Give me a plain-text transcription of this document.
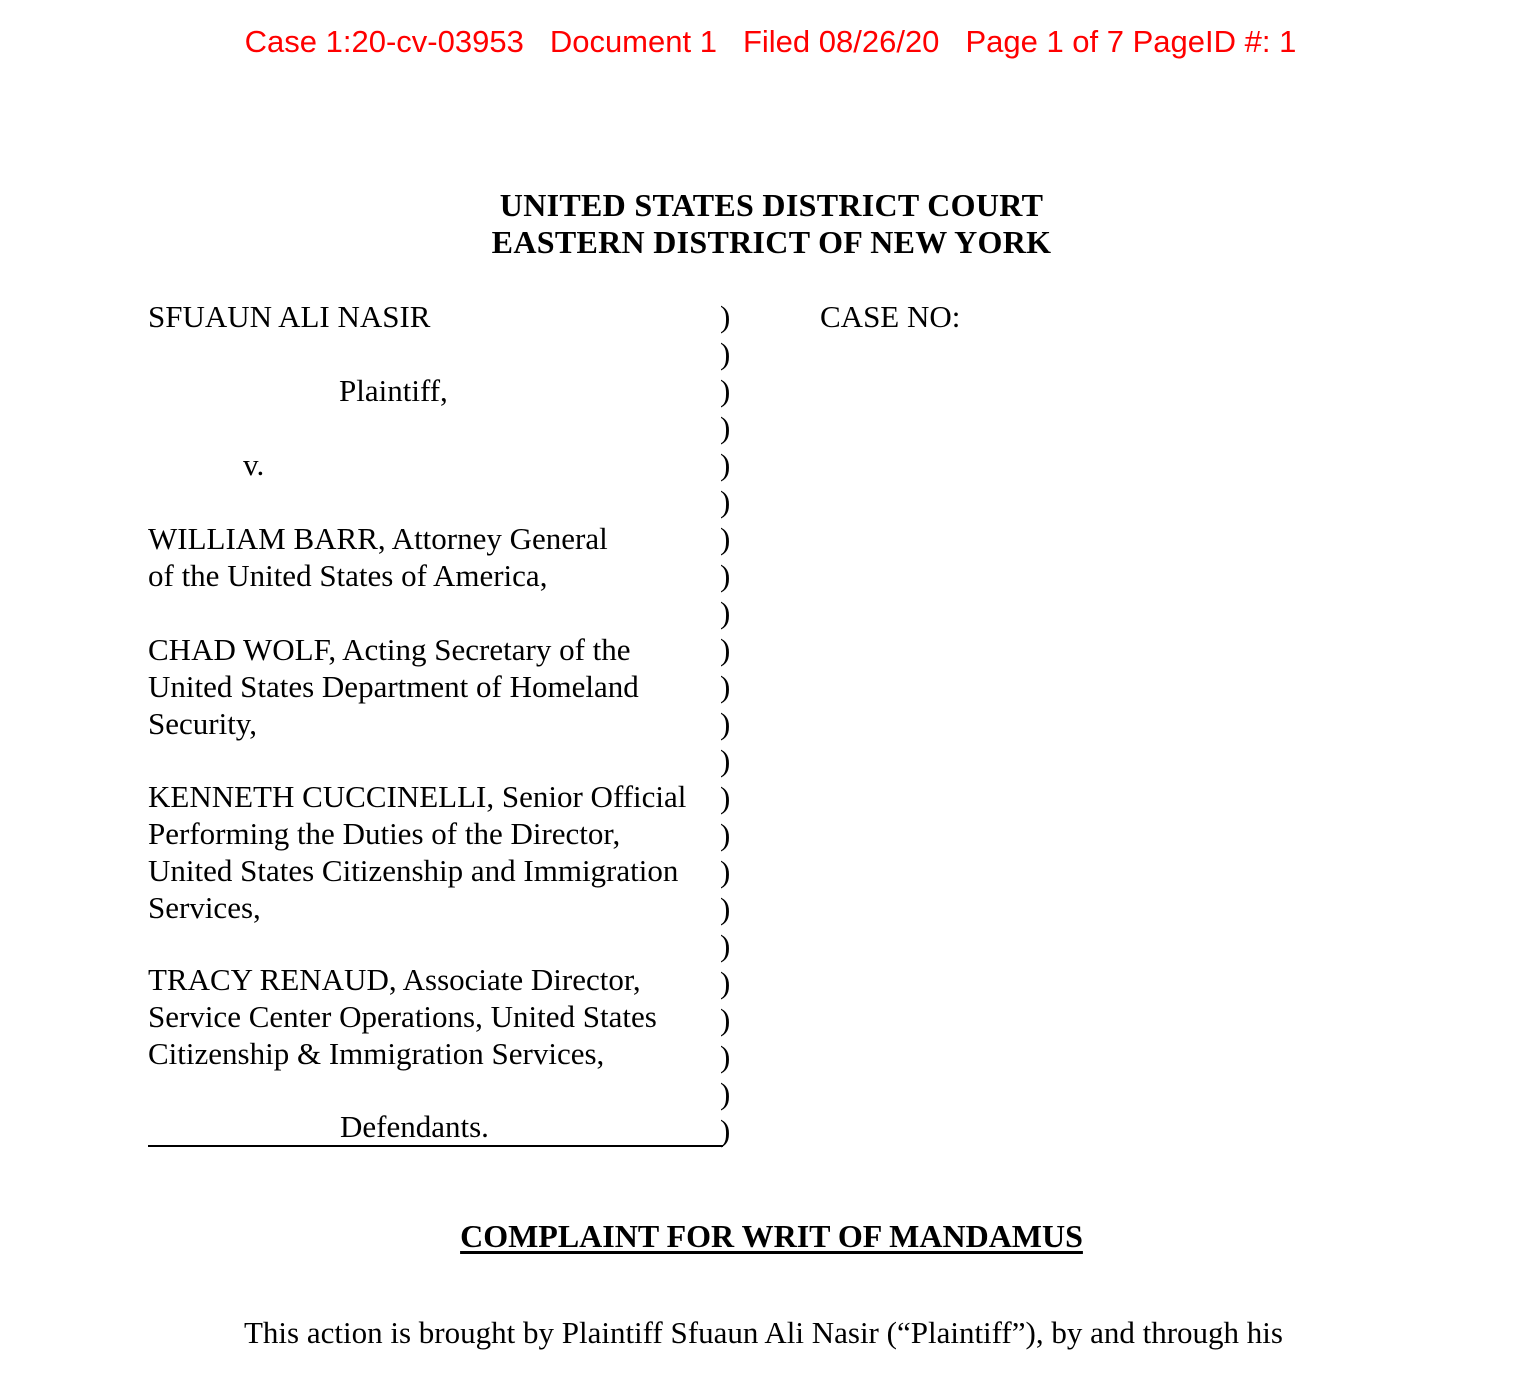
Case 1:20-cv-03953 Document 1 Filed 08/26/20 Page 1 of 7 PageID #: 1
UNITED STATES DISTRICT COURT
EASTERN DISTRICT OF NEW YORK
SFUAUN ALI NASIR
Plaintiff,
v.
WILLIAM BARR, Attorney General
of the United States of America,
CHAD WOLF, Acting Secretary of the
United States Department of Homeland
Security,
KENNETH CUCCINELLI, Senior Official
Performing the Duties of the Director,
United States Citizenship and Immigration
Services,
TRACY RENAUD, Associate Director,
Service Center Operations, United States
Citizenship & Immigration Services,
Defendants.
)
)
)
)
)
)
)
)
)
)
)
)
)
)
)
)
)
)
)
)
)
)
)
CASE NO:
COMPLAINT FOR WRIT OF MANDAMUS
This action is brought by Plaintiff Sfuaun Ali Nasir (“Plaintiff”), by and through his
